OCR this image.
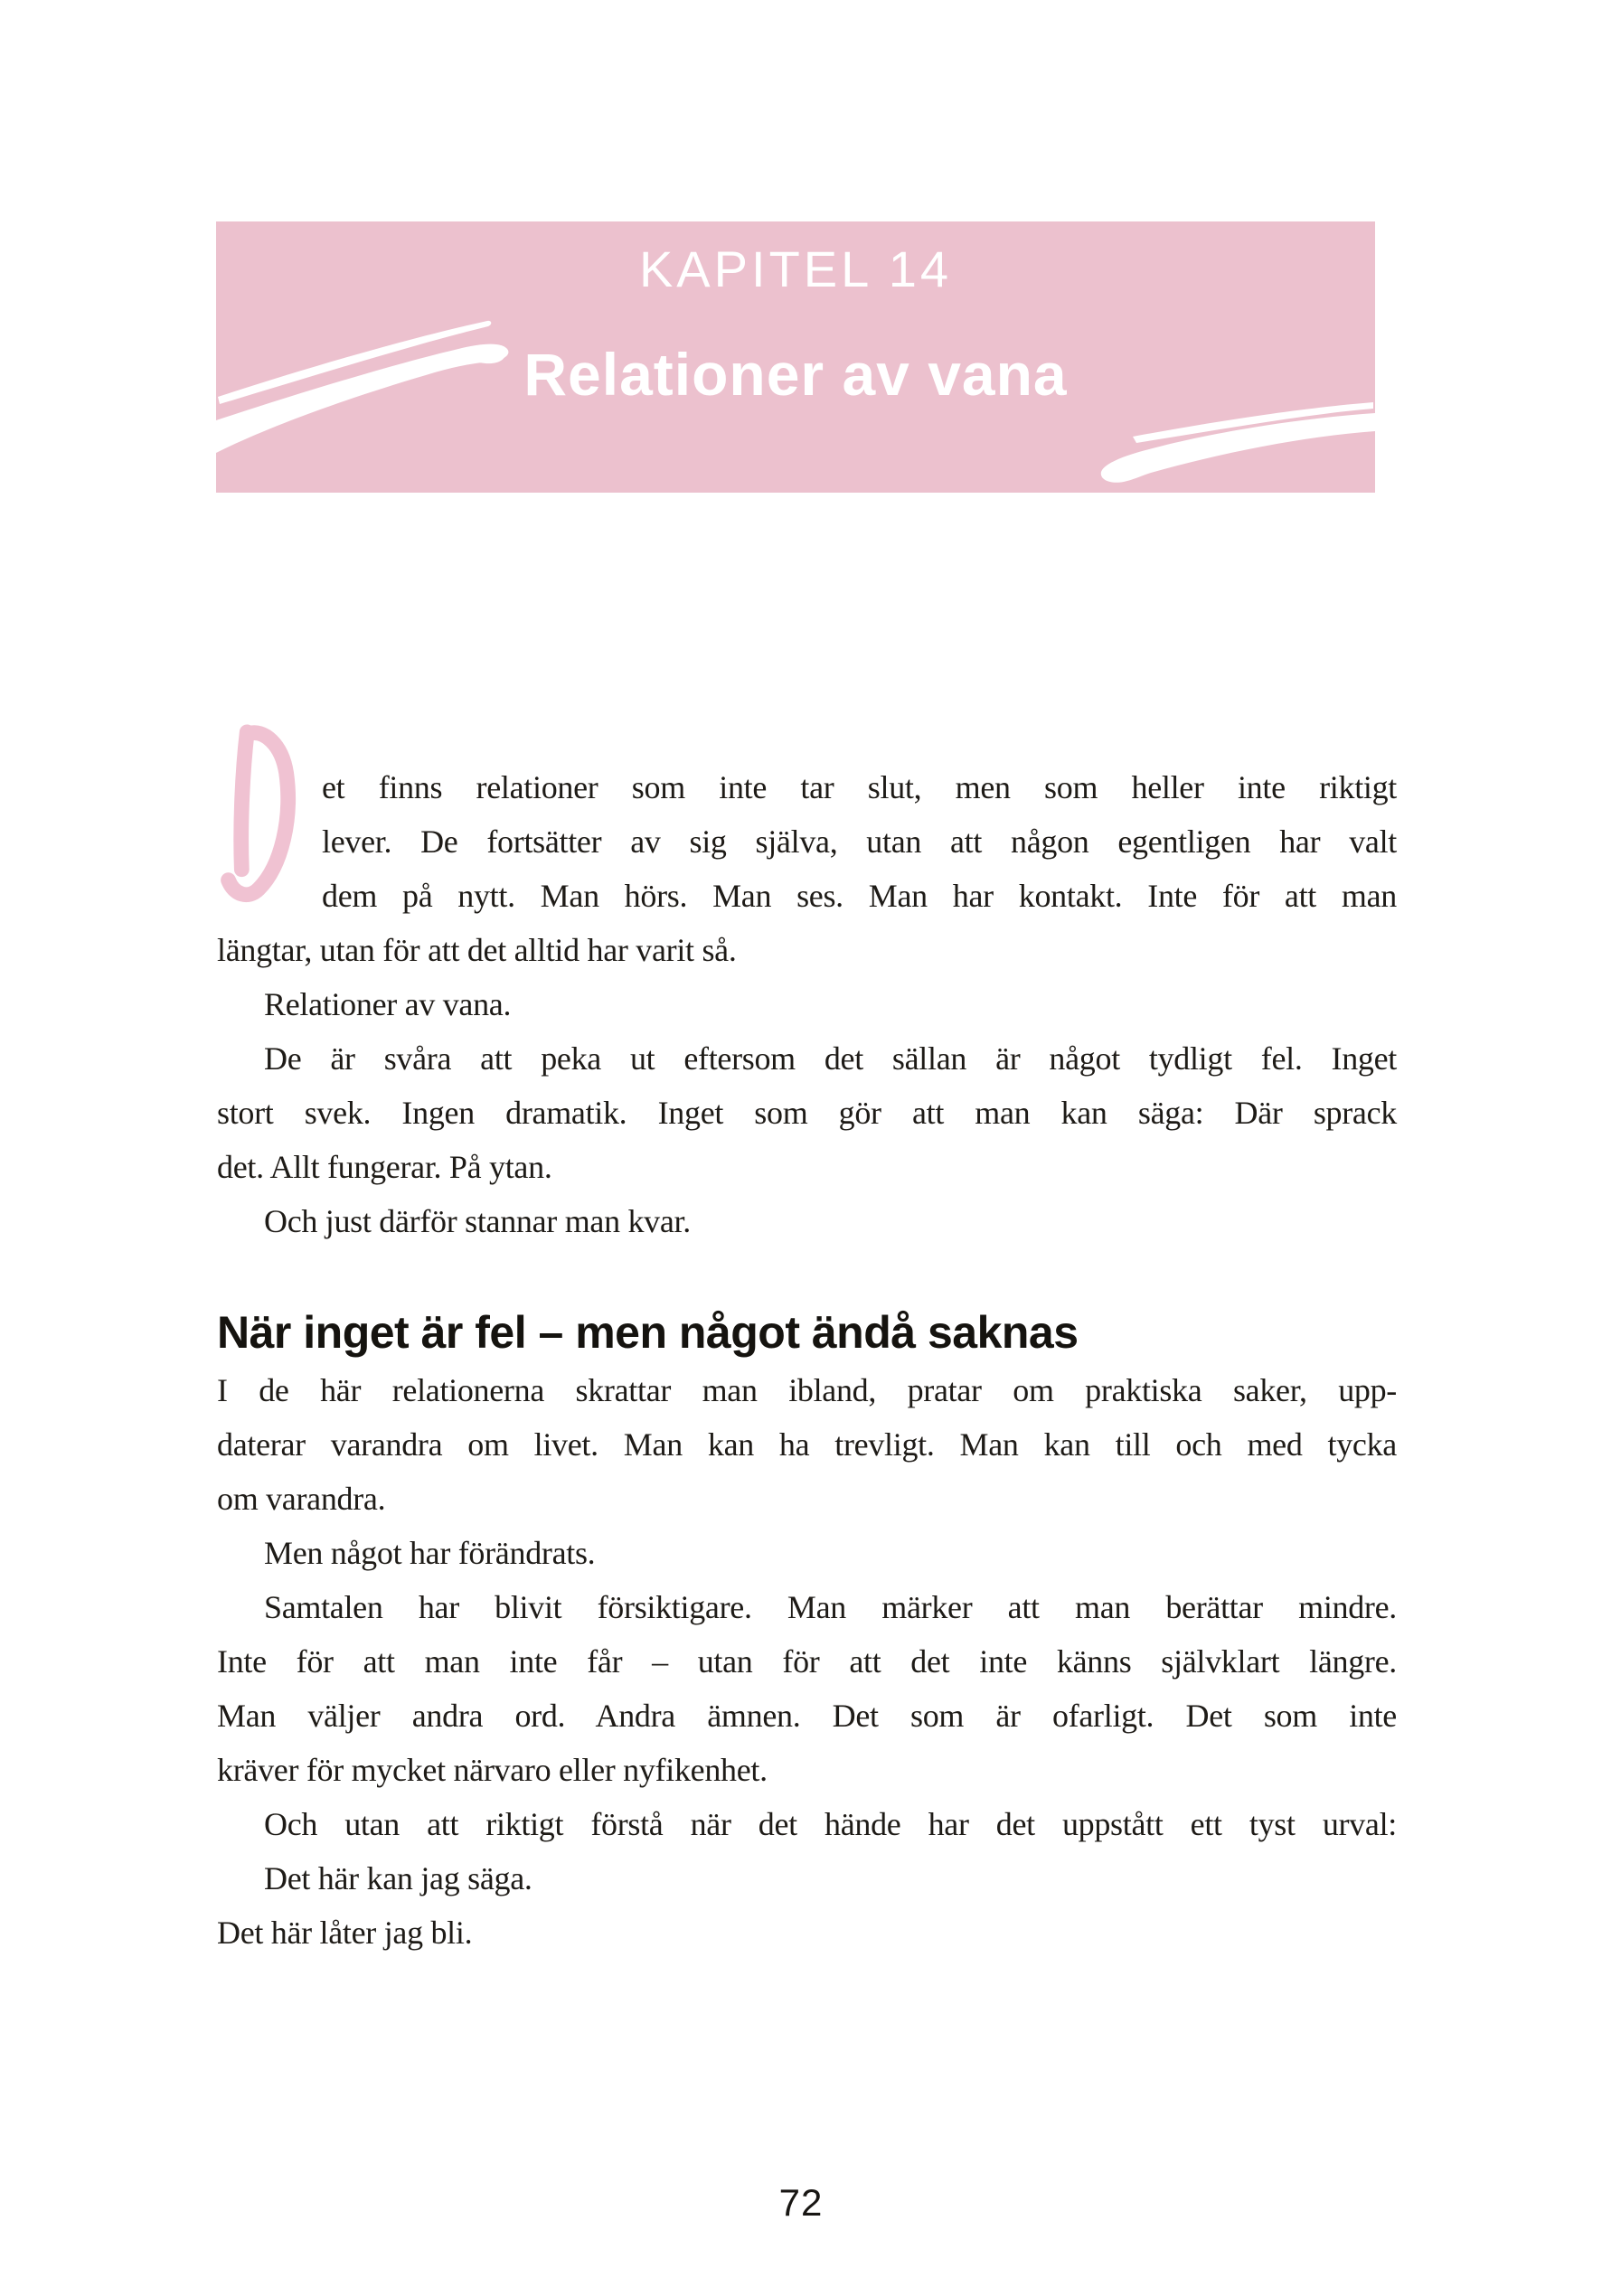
KAPITEL 14
Relationer av vana
et finns relationer som inte tar slut, men som heller inte riktigt
lever. De fortsätter av sig själva, utan att någon egentligen har valt
dem på nytt. Man hörs. Man ses. Man har kontakt. Inte för att man
längtar, utan för att det alltid har varit så.
Relationer av vana.
De är svåra att peka ut eftersom det sällan är något tydligt fel. Inget
stort svek. Ingen dramatik. Inget som gör att man kan säga: Där sprack
det. Allt fungerar. På ytan.
Och just därför stannar man kvar.
När inget är fel – men något ändå saknas
I de här relationerna skrattar man ibland, pratar om praktiska saker, upp-
daterar varandra om livet. Man kan ha trevligt. Man kan till och med tycka
om varandra.
Men något har förändrats.
Samtalen har blivit försiktigare. Man märker att man berättar mindre.
Inte för att man inte får – utan för att det inte känns självklart längre.
Man väljer andra ord. Andra ämnen. Det som är ofarligt. Det som inte
kräver för mycket närvaro eller nyfikenhet.
Och utan att riktigt förstå när det hände har det uppstått ett tyst urval:
Det här kan jag säga.
Det här låter jag bli.
72
